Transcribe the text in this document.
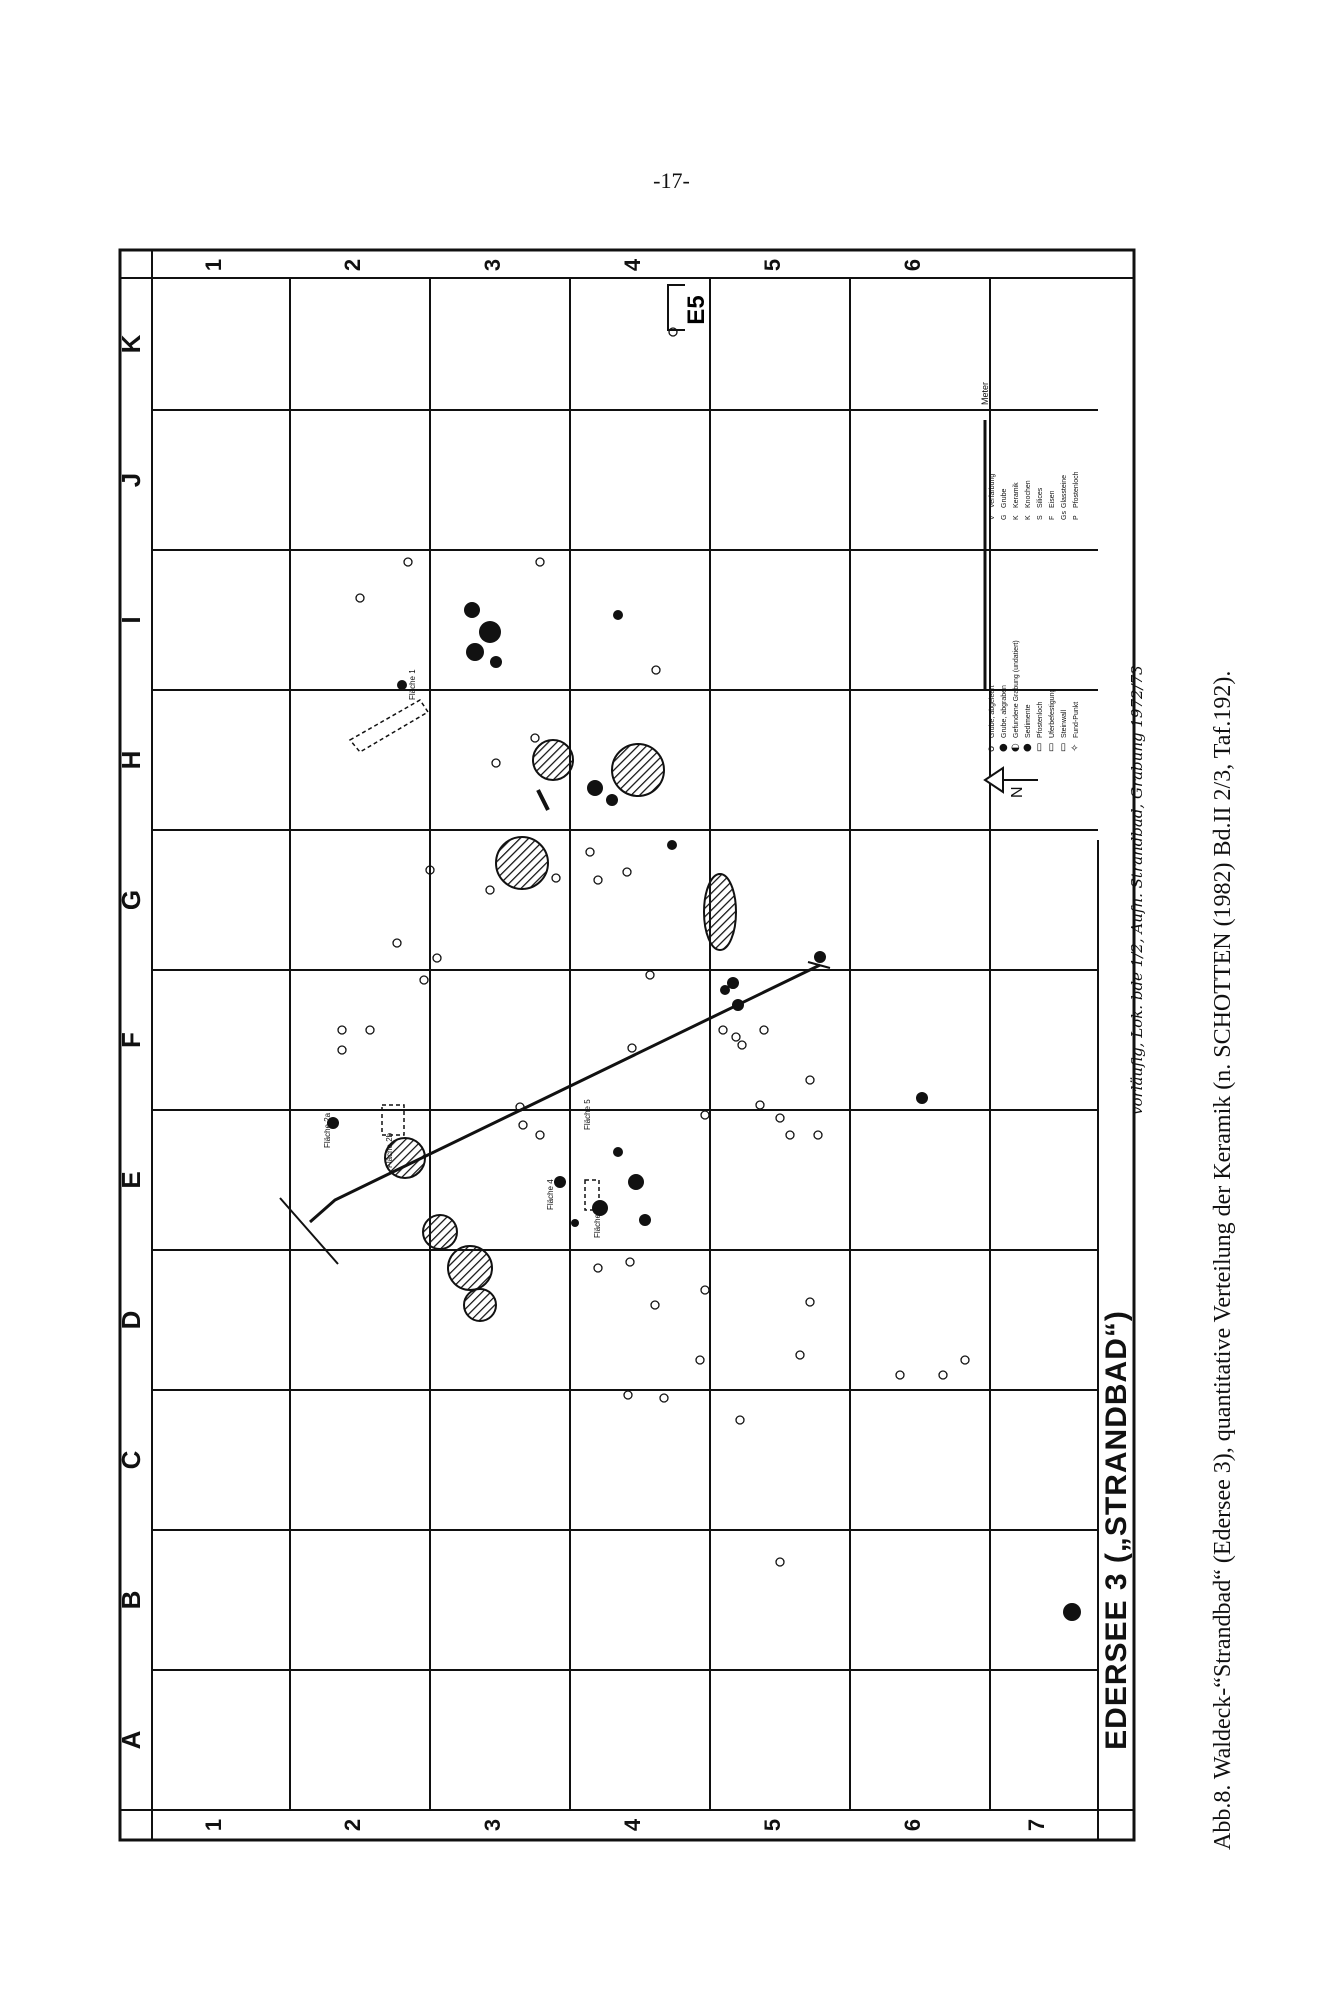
-17-
A
B
C
D
E
F
G
H
I
J
K
1	2	3	4	5	6
1	2	3	4	5	6	7
E5
N
Meter
o
Grube, abgeleert
V
Verfärbung
●
Grube, abgraben
G
Grube
◐
Gefundene Grabung (undatiert)
K
Keramik
●
Sedimente
K
Knochen
▭
Pfostenloch
S
Silices
▭
Uferbefestigung
F
Eisen
▭
Steinwall
Gs
Glassteine
✧
Fund-Punkt
P
Pfostenloch
Fläche 1
Fläche 2a
Fläche 2b
Fläche 4
Fläche 5
Fläche 6
EDERSEE 3 („STRANDBAD“)
vorläufig, Lok. bde 1/2, Aufn. Strandbad, Grabung 1972/73	Abb.8. Waldeck-“Strandbad“ (Edersee 3), quantitative Verteilung der Keramik (n. SCHOTTEN (1982) Bd.II 2/3, Taf.192).
